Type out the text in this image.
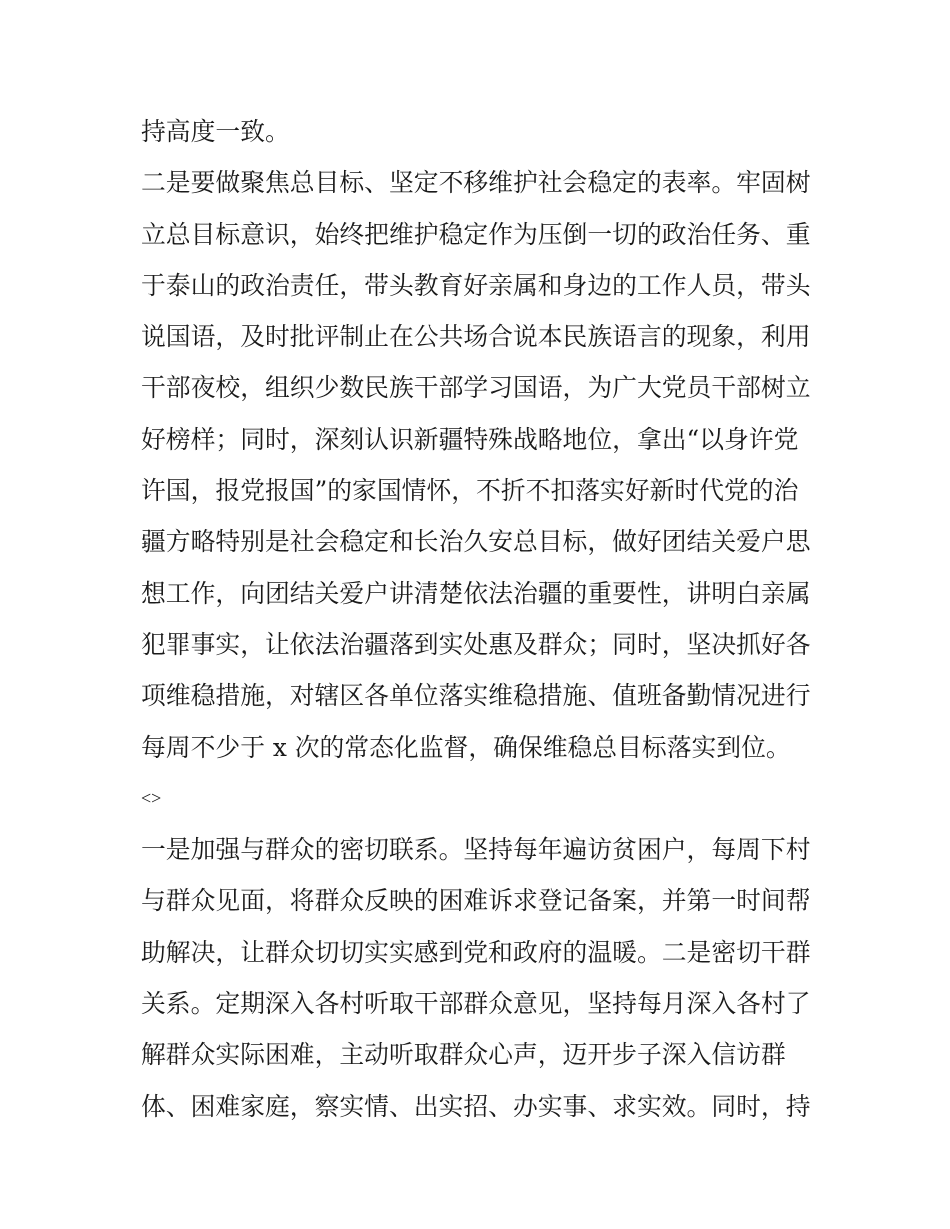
持高度一致。
二是要做聚焦总目标、坚定不移维护社会稳定的表率。牢固树
立总目标意识，始终把维护稳定作为压倒一切的政治任务、重
于泰山的政治责任，带头教育好亲属和身边的工作人员，带头
说国语，及时批评制止在公共场合说本民族语言的现象，利用
干部夜校，组织少数民族干部学习国语，为广大党员干部树立
好榜样；同时，深刻认识新疆特殊战略地位，拿出“以身许党
许国，报党报国”的家国情怀，不折不扣落实好新时代党的治
疆方略特别是社会稳定和长治久安总目标，做好团结关爱户思
想工作，向团结关爱户讲清楚依法治疆的重要性，讲明白亲属
犯罪事实，让依法治疆落到实处惠及群众；同时，坚决抓好各
项维稳措施，对辖区各单位落实维稳措施、值班备勤情况进行
每周不少于 x 次的常态化监督，确保维稳总目标落实到位。
<>
一是加强与群众的密切联系。坚持每年遍访贫困户，每周下村
与群众见面，将群众反映的困难诉求登记备案，并第一时间帮
助解决，让群众切切实实感到党和政府的温暖。二是密切干群
关系。定期深入各村听取干部群众意见，坚持每月深入各村了
解群众实际困难，主动听取群众心声，迈开步子深入信访群
体、困难家庭，察实情、出实招、办实事、求实效。同时，持
